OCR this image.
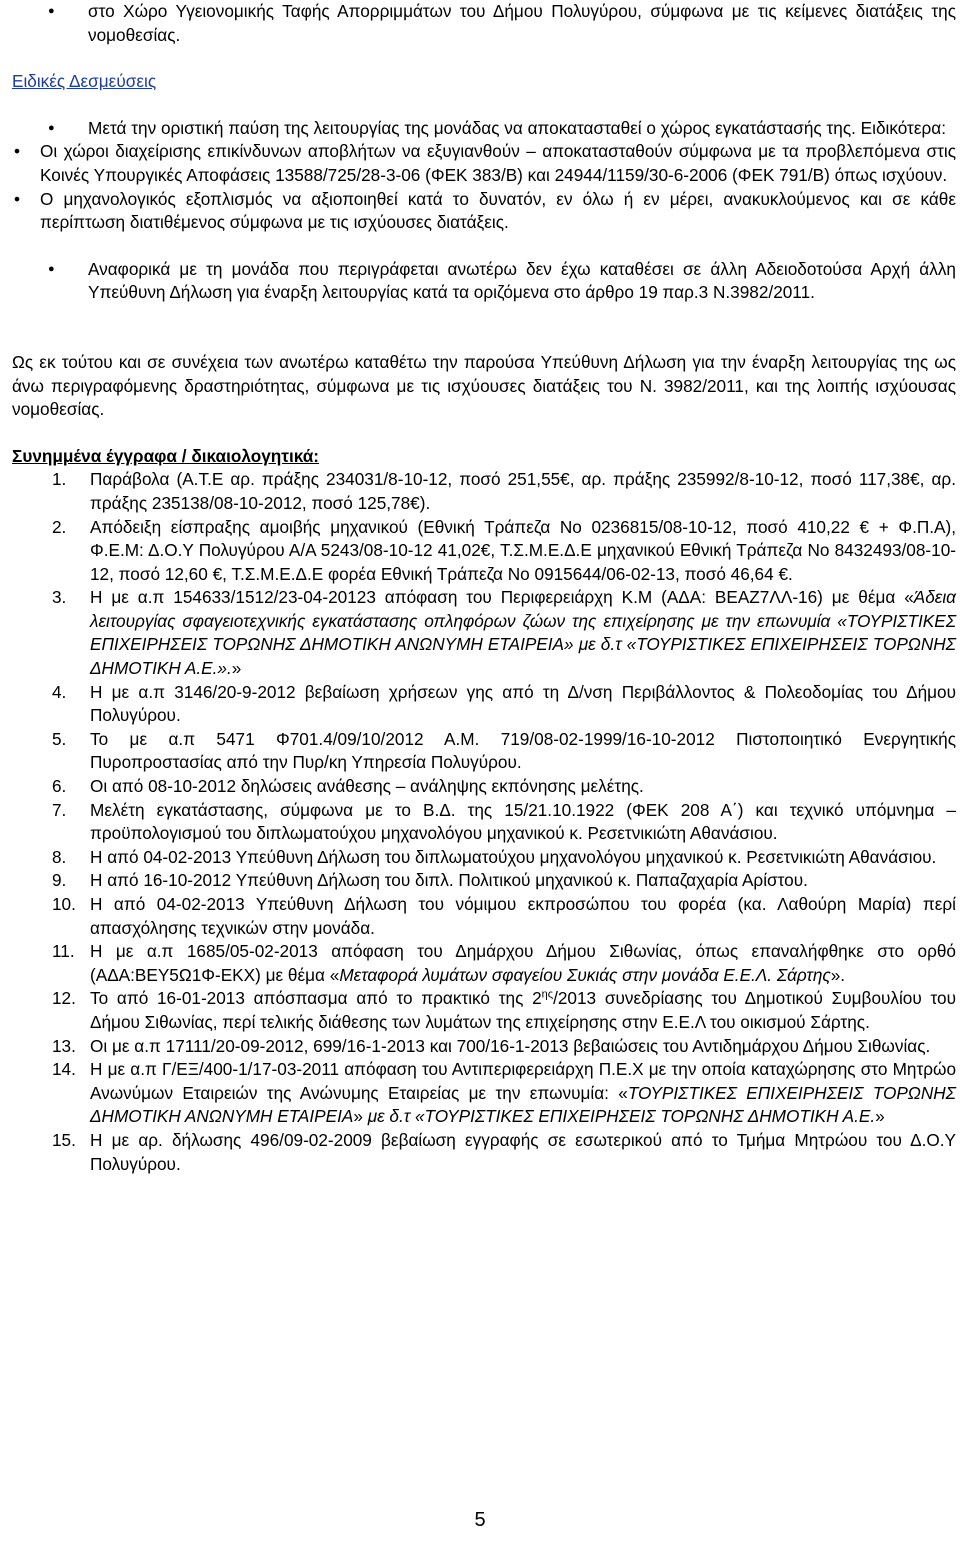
● στο Χώρο Υγειονομικής Ταφής Απορριμμάτων του Δήμου Πολυγύρου, σύμφωνα με τις κείμενες διατάξεις της νομοθεσίας.
Ειδικές Δεσμεύσεις
● Μετά την οριστική παύση της λειτουργίας της μονάδας να αποκατασταθεί ο χώρος εγκατάστασής της. Ειδικότερα:
• Οι χώροι διαχείρισης επικίνδυνων αποβλήτων να εξυγιανθούν – αποκατασταθούν σύμφωνα με τα προβλεπόμενα στις Κοινές Υπουργικές Αποφάσεις 13588/725/28-3-06 (ΦΕΚ 383/Β) και 24944/1159/30-6-2006 (ΦΕΚ 791/Β) όπως ισχύουν.
• Ο μηχανολογικός εξοπλισμός να αξιοποιηθεί κατά το δυνατόν, εν όλω ή εν μέρει, ανακυκλούμενος και σε κάθε περίπτωση διατιθέμενος σύμφωνα με τις ισχύουσες διατάξεις.
● Αναφορικά με τη μονάδα που περιγράφεται ανωτέρω δεν έχω καταθέσει σε άλλη Αδειοδοτούσα Αρχή άλλη Υπεύθυνη Δήλωση για έναρξη λειτουργίας κατά τα οριζόμενα στο άρθρο 19 παρ.3 Ν.3982/2011.

Ως εκ τούτου και σε συνέχεια των ανωτέρω καταθέτω την παρούσα Υπεύθυνη Δήλωση για την έναρξη λειτουργίας της ως άνω περιγραφόμενης δραστηριότητας, σύμφωνα με τις ισχύουσες διατάξεις του Ν. 3982/2011, και της λοιπής ισχύουσας νομοθεσίας.

Συνημμένα έγγραφα / δικαιολογητικά:
1. Παράβολα (Α.Τ.Ε αρ. πράξης 234031/8-10-12, ποσό 251,55€, αρ. πράξης 235992/8-10-12, ποσό 117,38€, αρ. πράξης 235138/08-10-2012, ποσό 125,78€).
2. Απόδειξη είσπραξης αμοιβής μηχανικού (Εθνική Τράπεζα Νο 0236815/08-10-12, ποσό 410,22 € + Φ.Π.Α), Φ.Ε.Μ: Δ.Ο.Υ Πολυγύρου Α/Α 5243/08-10-12 41,02€, Τ.Σ.Μ.Ε.Δ.Ε μηχανικού Εθνική Τράπεζα Νο 8432493/08-10-12, ποσό 12,60 €, Τ.Σ.Μ.Ε.Δ.Ε φορέα Εθνική Τράπεζα Νο 0915644/06-02-13, ποσό 46,64 €.
3. Η με α.π 154633/1512/23-04-20123 απόφαση του Περιφερειάρχη Κ.Μ (ΑΔΑ: ΒΕΑΖ7ΛΛ-16) με θέμα «Άδεια λειτουργίας σφαγειοτεχνικής εγκατάστασης οπληφόρων ζώων της επιχείρησης με την επωνυμία «ΤΟΥΡΙΣΤΙΚΕΣ ΕΠΙΧΕΙΡΗΣΕΙΣ ΤΟΡΩΝΗΣ ΔΗΜΟΤΙΚΗ ΑΝΩΝΥΜΗ ΕΤΑΙΡΕΙΑ» με δ.τ «ΤΟΥΡΙΣΤΙΚΕΣ ΕΠΙΧΕΙΡΗΣΕΙΣ ΤΟΡΩΝΗΣ ΔΗΜΟΤΙΚΗ Α.Ε.».»
4. Η με α.π 3146/20-9-2012 βεβαίωση χρήσεων γης από τη Δ/νση Περιβάλλοντος & Πολεοδομίας του Δήμου Πολυγύρου.
5. Το με α.π 5471 Φ701.4/09/10/2012 Α.Μ. 719/08-02-1999/16-10-2012 Πιστοποιητικό Ενεργητικής Πυροπροστασίας από την Πυρ/κη Υπηρεσία Πολυγύρου.
6. Οι από 08-10-2012 δηλώσεις ανάθεσης – ανάληψης εκπόνησης μελέτης.
7. Μελέτη εγκατάστασης, σύμφωνα με το Β.Δ. της 15/21.10.1922 (ΦΕΚ 208 Α΄) και τεχνικό υπόμνημα – προϋπολογισμού του διπλωματούχου μηχανολόγου μηχανικού κ. Ρεσετνικιώτη Αθανάσιου.
8. Η από 04-02-2013 Υπεύθυνη Δήλωση του διπλωματούχου μηχανολόγου μηχανικού κ. Ρεσετνικιώτη Αθανάσιου.
9. Η από 16-10-2012 Υπεύθυνη Δήλωση του διπλ. Πολιτικού μηχανικού κ. Παπαζαχαρία Αρίστου.
10. Η από 04-02-2013 Υπεύθυνη Δήλωση του νόμιμου εκπροσώπου του φορέα (κα. Λαθούρη Μαρία) περί απασχόλησης τεχνικών στην μονάδα.
11. Η με α.π 1685/05-02-2013 απόφαση του Δημάρχου Δήμου Σιθωνίας, όπως επαναλήφθηκε στο ορθό (ΑΔΑ:ΒΕΥ5Ω1Φ-ΕΚΧ) με θέμα «Μεταφορά λυμάτων σφαγείου Συκιάς στην μονάδα Ε.Ε.Λ. Σάρτης».
12. Το από 16-01-2013 απόσπασμα από το πρακτικό της $2^{\eta\varsigma}/2013$ συνεδρίασης του Δημοτικού Συμβουλίου του Δήμου Σιθωνίας, περί τελικής διάθεσης των λυμάτων της επιχείρησης στην Ε.Ε.Λ του οικισμού Σάρτης.
13. Οι με α.π 17111/20-09-2012, 699/16-1-2013 και 700/16-1-2013 βεβαιώσεις του Αντιδημάρχου Δήμου Σιθωνίας.
14. Η με α.π Γ/ΕΞ/400-1/17-03-2011 απόφαση του Αντιπεριφερειάρχη Π.Ε.Χ με την οποία καταχώρησης στο Μητρώο Ανωνύμων Εταιρειών της Ανώνυμης Εταιρείας με την επωνυμία: «ΤΟΥΡΙΣΤΙΚΕΣ ΕΠΙΧΕΙΡΗΣΕΙΣ ΤΟΡΩΝΗΣ ΔΗΜΟΤΙΚΗ ΑΝΩΝΥΜΗ ΕΤΑΙΡΕΙΑ» με δ.τ «ΤΟΥΡΙΣΤΙΚΕΣ ΕΠΙΧΕΙΡΗΣΕΙΣ ΤΟΡΩΝΗΣ ΔΗΜΟΤΙΚΗ Α.Ε.»
15. Η με αρ. δήλωσης 496/09-02-2009 βεβαίωση εγγραφής σε εσωτερικού από το Τμήμα Μητρώου του Δ.Ο.Υ Πολυγύρου.
5
